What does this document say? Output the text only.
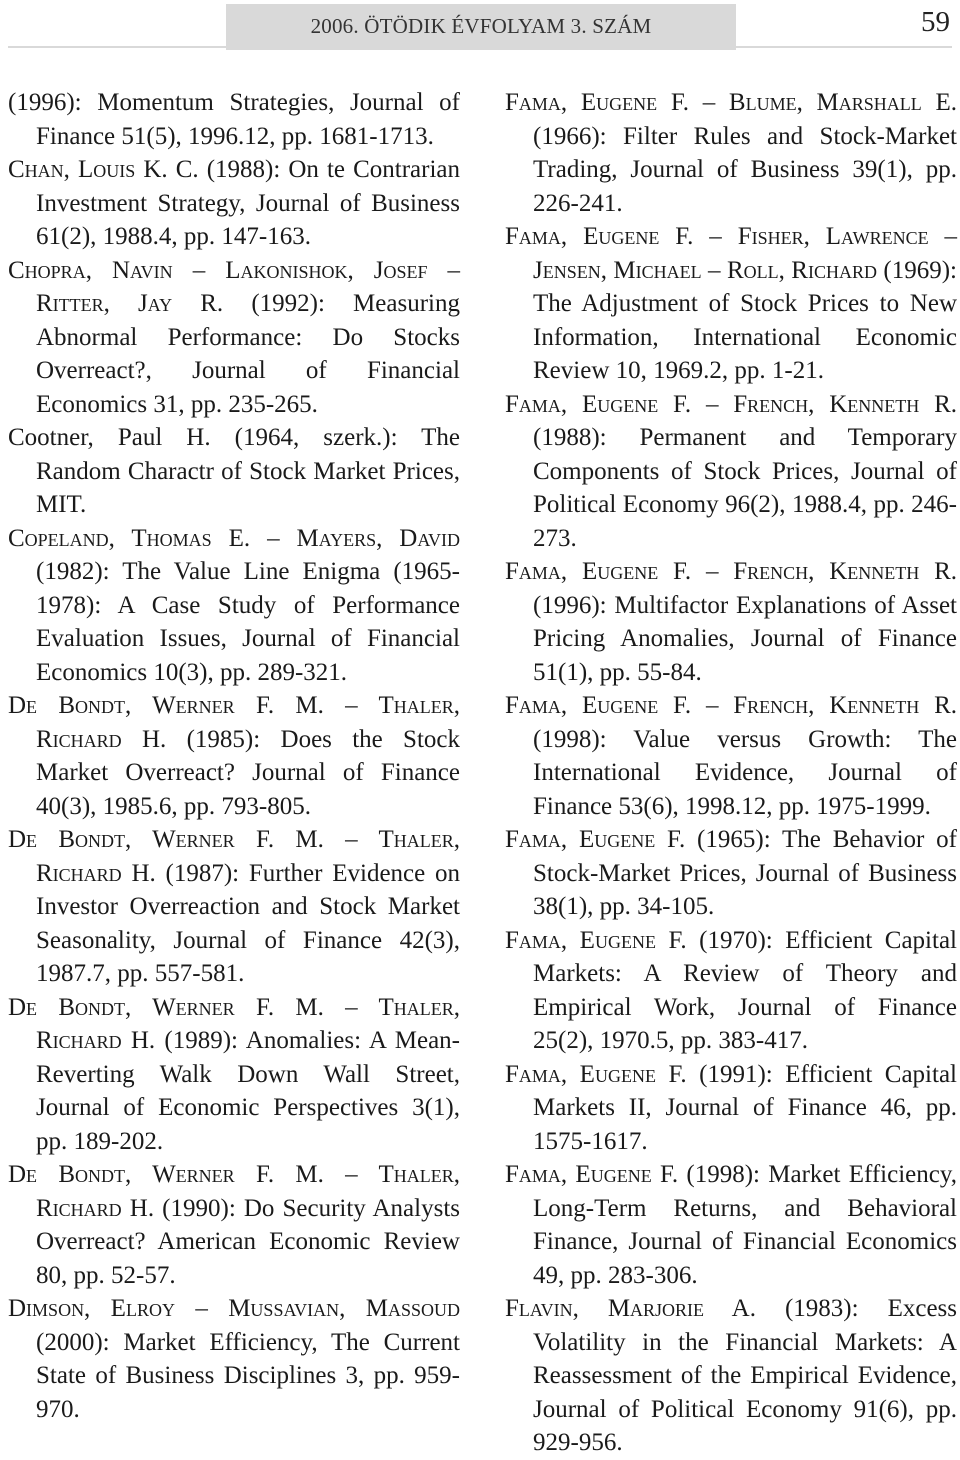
2006. ÖTÖDIK ÉVFOLYAM 3. SZÁM	59

(1996): Momentum Strategies, Journal of Finance 51(5), 1996.12, pp. 1681-1713.

Chan, Louis K. C. (1988): On te Contrarian Investment Strategy, Journal of Business 61(2), 1988.4, pp. 147-163.

Chopra, Navin – Lakonishok, Josef – Ritter, Jay R. (1992): Measuring Abnormal Performance: Do Stocks Overreact?, Journal of Financial Economics 31, pp. 235-265.

Cootner, Paul H. (1964, szerk.): The Random Charactr of Stock Market Prices, MIT.

Copeland, Thomas E. – Mayers, David (1982): The Value Line Enigma (1965-1978): A Case Study of Performance Evaluation Issues, Journal of Financial Economics 10(3), pp. 289-321.

De Bondt, Werner F. M. – Thaler, Richard H. (1985): Does the Stock Market Overreact? Journal of Finance 40(3), 1985.6, pp. 793-805.

De Bondt, Werner F. M. – Thaler, Richard H. (1987): Further Evidence on Investor Overreaction and Stock Market Seasonality, Journal of Finance 42(3), 1987.7, pp. 557-581.

De Bondt, Werner F. M. – Thaler, Richard H. (1989): Anomalies: A Mean-Reverting Walk Down Wall Street, Journal of Economic Perspectives 3(1), pp. 189-202.

De Bondt, Werner F. M. – Thaler, Richard H. (1990): Do Security Analysts Overreact? American Economic Review 80, pp. 52-57.

Dimson, Elroy – Mussavian, Massoud (2000): Market Efficiency, The Current State of Business Disciplines 3, pp. 959-970.

Fama, Eugene F. – Blume, Marshall E. (1966): Filter Rules and Stock-Market Trading, Journal of Business 39(1), pp. 226-241.

Fama, Eugene F. – Fisher, Lawrence – Jensen, Michael – Roll, Richard (1969): The Adjustment of Stock Prices to New Information, International Economic Review 10, 1969.2, pp. 1-21.

Fama, Eugene F. – French, Kenneth R. (1988): Permanent and Temporary Components of Stock Prices, Journal of Political Economy 96(2), 1988.4, pp. 246-273.

Fama, Eugene F. – French, Kenneth R. (1996): Multifactor Explanations of Asset Pricing Anomalies, Journal of Finance 51(1), pp. 55-84.

Fama, Eugene F. – French, Kenneth R. (1998): Value versus Growth: The International Evidence, Journal of Finance 53(6), 1998.12, pp. 1975-1999.

Fama, Eugene F. (1965): The Behavior of Stock-Market Prices, Journal of Business 38(1), pp. 34-105.

Fama, Eugene F. (1970): Efficient Capital Markets: A Review of Theory and Empirical Work, Journal of Finance 25(2), 1970.5, pp. 383-417.

Fama, Eugene F. (1991): Efficient Capital Markets II, Journal of Finance 46, pp. 1575-1617.

Fama, Eugene F. (1998): Market Efficiency, Long-Term Returns, and Behavioral Finance, Journal of Financial Economics 49, pp. 283-306.

Flavin, Marjorie A. (1983): Excess Volatility in the Financial Markets: A Reassessment of the Empirical Evidence, Journal of Political Economy 91(6), pp. 929-956.
